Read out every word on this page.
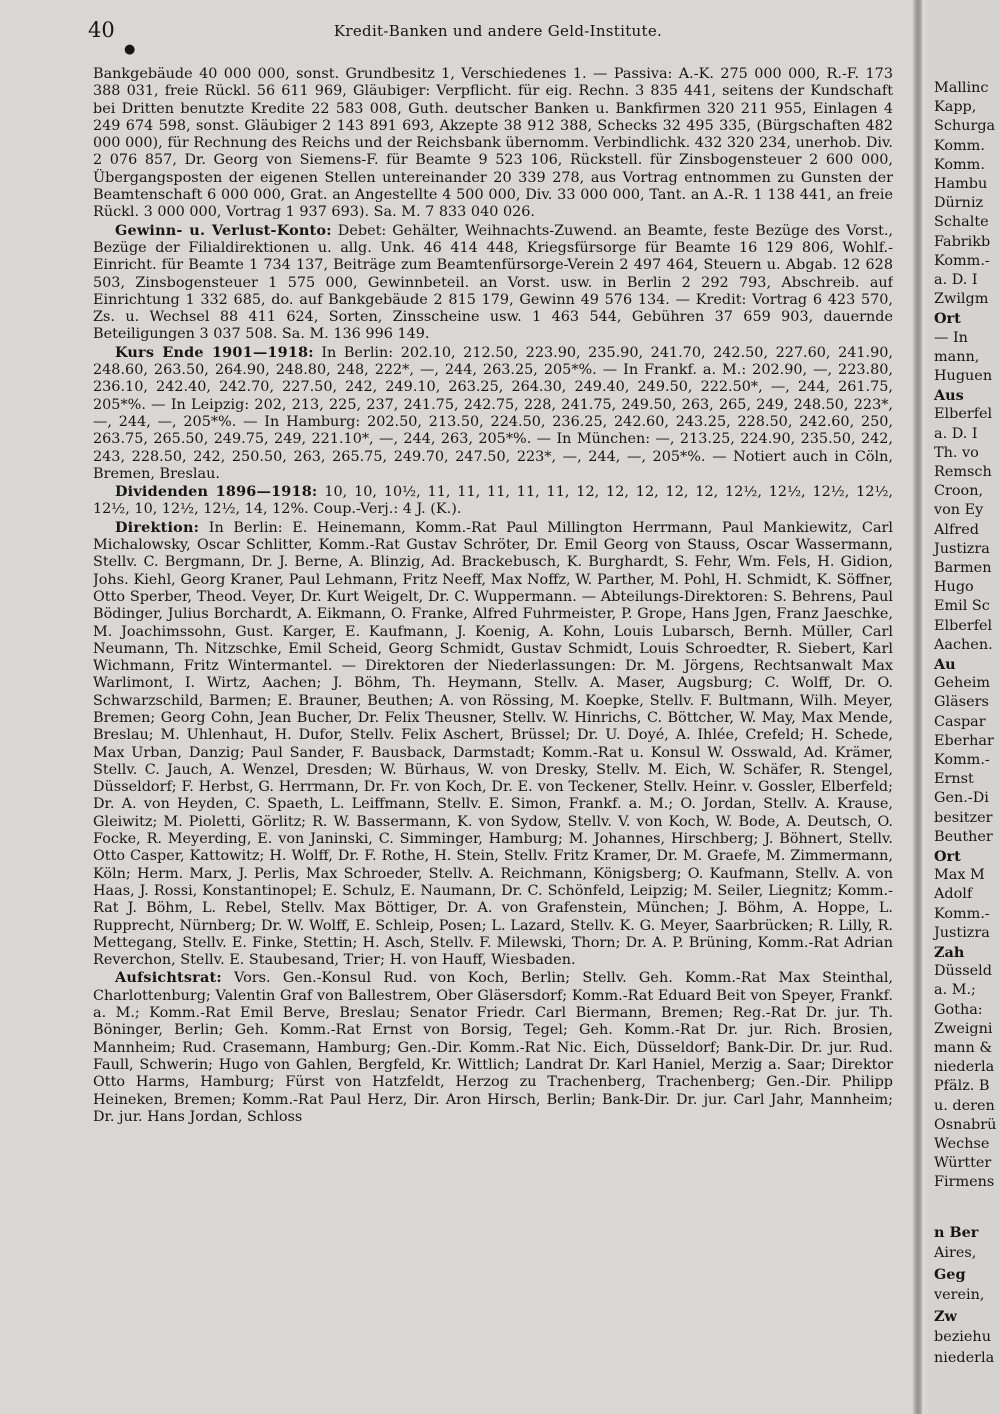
40	Kredit-Banken und andere Geld-Institute.
●

Bankgebäude 40 000 000, sonst. Grundbesitz 1, Verschiedenes 1. — Passiva: A.-K. 275 000 000, R.-F. 173 388 031, freie Rückl. 56 611 969, Gläubiger: Verpflicht. für eig. Rechn. 3 835 441, seitens der Kundschaft bei Dritten benutzte Kredite 22 583 008, Guth. deutscher Banken u. Bankfirmen 320 211 955, Einlagen 4 249 674 598, sonst. Gläubiger 2 143 891 693, Akzepte 38 912 388, Schecks 32 495 335, (Bürgschaften 482 000 000), für Rechnung des Reichs und der Reichsbank übernomm. Verbindlichk. 432 320 234, unerhob. Div. 2 076 857, Dr. Georg von Siemens-F. für Beamte 9 523 106, Rückstell. für Zinsbogensteuer 2 600 000, Übergangsposten der eigenen Stellen untereinander 20 339 278, aus Vortrag entnommen zu Gunsten der Beamtenschaft 6 000 000, Grat. an Angestellte 4 500 000, Div. 33 000 000, Tant. an A.-R. 1 138 441, an freie Rückl. 3 000 000, Vortrag 1 937 693). Sa. M. 7 833 040 026.

Gewinn- u. Verlust-Konto: Debet: Gehälter, Weihnachts-Zuwend. an Beamte, feste Bezüge des Vorst., Bezüge der Filialdirektionen u. allg. Unk. 46 414 448, Kriegsfürsorge für Beamte 16 129 806, Wohlf.-Einricht. für Beamte 1 734 137, Beiträge zum Beamtenfürsorge-Verein 2 497 464, Steuern u. Abgab. 12 628 503, Zinsbogensteuer 1 575 000, Gewinnbeteil. an Vorst. usw. in Berlin 2 292 793, Abschreib. auf Einrichtung 1 332 685, do. auf Bankgebäude 2 815 179, Gewinn 49 576 134. — Kredit: Vortrag 6 423 570, Zs. u. Wechsel 88 411 624, Sorten, Zinsscheine usw. 1 463 544, Gebühren 37 659 903, dauernde Beteiligungen 3 037 508. Sa. M. 136 996 149.

Kurs Ende 1901—1918: In Berlin: 202.10, 212.50, 223.90, 235.90, 241.70, 242.50, 227.60, 241.90, 248.60, 263.50, 264.90, 248.80, 248, 222*, —, 244, 263.25, 205*%. — In Frankf. a. M.: 202.90, —, 223.80, 236.10, 242.40, 242.70, 227.50, 242, 249.10, 263.25, 264.30, 249.40, 249.50, 222.50*, —, 244, 261.75, 205*%. — In Leipzig: 202, 213, 225, 237, 241.75, 242.75, 228, 241.75, 249.50, 263, 265, 249, 248.50, 223*, —, 244, —, 205*%. — In Hamburg: 202.50, 213.50, 224.50, 236.25, 242.60, 243.25, 228.50, 242.60, 250, 263.75, 265.50, 249.75, 249, 221.10*, —, 244, 263, 205*%. — In München: —, 213.25, 224.90, 235.50, 242, 243, 228.50, 242, 250.50, 263, 265.75, 249.70, 247.50, 223*, —, 244, —, 205*%. — Notiert auch in Cöln, Bremen, Breslau.

Dividenden 1896—1918: 10, 10, 10½, 11, 11, 11, 11, 11, 12, 12, 12, 12, 12, 12½, 12½, 12½, 12½, 12½, 10, 12½, 12½, 14, 12%. Coup.-Verj.: 4 J. (K.).

Direktion: In Berlin: E. Heinemann, Komm.-Rat Paul Millington Herrmann, Paul Mankiewitz, Carl Michalowsky, Oscar Schlitter, Komm.-Rat Gustav Schröter, Dr. Emil Georg von Stauss, Oscar Wassermann, Stellv. C. Bergmann, Dr. J. Berne, A. Blinzig, Ad. Brackebusch, K. Burghardt, S. Fehr, Wm. Fels, H. Gidion, Johs. Kiehl, Georg Kraner, Paul Lehmann, Fritz Neeff, Max Noffz, W. Parther, M. Pohl, H. Schmidt, K. Söffner, Otto Sperber, Theod. Veyer, Dr. Kurt Weigelt, Dr. C. Wuppermann. — Abteilungs-Direktoren: S. Behrens, Paul Bödinger, Julius Borchardt, A. Eikmann, O. Franke, Alfred Fuhrmeister, P. Grope, Hans Jgen, Franz Jaeschke, M. Joachimssohn, Gust. Karger, E. Kaufmann, J. Koenig, A. Kohn, Louis Lubarsch, Bernh. Müller, Carl Neumann, Th. Nitzschke, Emil Scheid, Georg Schmidt, Gustav Schmidt, Louis Schroedter, R. Siebert, Karl Wichmann, Fritz Wintermantel. — Direktoren der Niederlassungen: Dr. M. Jörgens, Rechtsanwalt Max Warlimont, I. Wirtz, Aachen; J. Böhm, Th. Heymann, Stellv. A. Maser, Augsburg; C. Wolff, Dr. O. Schwarzschild, Barmen; E. Brauner, Beuthen; A. von Rössing, M. Koepke, Stellv. F. Bultmann, Wilh. Meyer, Bremen; Georg Cohn, Jean Bucher, Dr. Felix Theusner, Stellv. W. Hinrichs, C. Böttcher, W. May, Max Mende, Breslau; M. Uhlenhaut, H. Dufor, Stellv. Felix Aschert, Brüssel; Dr. U. Doyé, A. Ihlée, Crefeld; H. Schede, Max Urban, Danzig; Paul Sander, F. Bausback, Darmstadt; Komm.-Rat u. Konsul W. Osswald, Ad. Krämer, Stellv. C. Jauch, A. Wenzel, Dresden; W. Bürhaus, W. von Dresky, Stellv. M. Eich, W. Schäfer, R. Stengel, Düsseldorf; F. Herbst, G. Herrmann, Dr. Fr. von Koch, Dr. E. von Teckener, Stellv. Heinr. v. Gossler, Elberfeld; Dr. A. von Heyden, C. Spaeth, L. Leiffmann, Stellv. E. Simon, Frankf. a. M.; O. Jordan, Stellv. A. Krause, Gleiwitz; M. Pioletti, Görlitz; R. W. Bassermann, K. von Sydow, Stellv. V. von Koch, W. Bode, A. Deutsch, O. Focke, R. Meyerding, E. von Janinski, C. Simminger, Hamburg; M. Johannes, Hirschberg; J. Böhnert, Stellv. Otto Casper, Kattowitz; H. Wolff, Dr. F. Rothe, H. Stein, Stellv. Fritz Kramer, Dr. M. Graefe, M. Zimmermann, Köln; Herm. Marx, J. Perlis, Max Schroeder, Stellv. A. Reichmann, Königsberg; O. Kaufmann, Stellv. A. von Haas, J. Rossi, Konstantinopel; E. Schulz, E. Naumann, Dr. C. Schönfeld, Leipzig; M. Seiler, Liegnitz; Komm.-Rat J. Böhm, L. Rebel, Stellv. Max Böttiger, Dr. A. von Grafenstein, München; J. Böhm, A. Hoppe, L. Rupprecht, Nürnberg; Dr. W. Wolff, E. Schleip, Posen; L. Lazard, Stellv. K. G. Meyer, Saarbrücken; R. Lilly, R. Mettegang, Stellv. E. Finke, Stettin; H. Asch, Stellv. F. Milewski, Thorn; Dr. A. P. Brüning, Komm.-Rat Adrian Reverchon, Stellv. E. Staubesand, Trier; H. von Hauff, Wiesbaden.

Aufsichtsrat: Vors. Gen.-Konsul Rud. von Koch, Berlin; Stellv. Geh. Komm.-Rat Max Steinthal, Charlottenburg; Valentin Graf von Ballestrem, Ober Gläsersdorf; Komm.-Rat Eduard Beit von Speyer, Frankf. a. M.; Komm.-Rat Emil Berve, Breslau; Senator Friedr. Carl Biermann, Bremen; Reg.-Rat Dr. jur. Th. Böninger, Berlin; Geh. Komm.-Rat Ernst von Borsig, Tegel; Geh. Komm.-Rat Dr. jur. Rich. Brosien, Mannheim; Rud. Crasemann, Hamburg; Gen.-Dir. Komm.-Rat Nic. Eich, Düsseldorf; Bank-Dir. Dr. jur. Rud. Faull, Schwerin; Hugo von Gahlen, Bergfeld, Kr. Wittlich; Landrat Dr. Karl Haniel, Merzig a. Saar; Direktor Otto Harms, Hamburg; Fürst von Hatzfeldt, Herzog zu Trachenberg, Trachenberg; Gen.-Dir. Philipp Heineken, Bremen; Komm.-Rat Paul Herz, Dir. Aron Hirsch, Berlin; Bank-Dir. Dr. jur. Carl Jahr, Mannheim; Dr. jur. Hans Jordan, Schloss

Mallinc
Kapp,
Schurga
Komm.
Komm.
Hambu
Dürniz
Schalte
Fabrikb
Komm.-
a. D. I
Zwilgm
Ort
— In
mann,
Huguen
Aus
Elberfel
a. D. I
Th. vo
Remsch
Croon,
von Ey
Alfred
Justizra
Barmen
Hugo
Emil Sc
Elberfel
Aachen.
Au
Geheim
Gläsers
Caspar
Eberhar
Komm.-
Ernst
Gen.-Di
besitzer
Beuther
Ort
Max M
Adolf
Komm.-
Justizra
Zah
Düsseld
a. M.;
Gotha:
Zweigni
mann &
niederla
Pfälz. B
u. deren
Osnabrü
Wechse
Württer
Firmens
n Ber
Aires,
Geg
verein,
Zw
beziehu
niederla
